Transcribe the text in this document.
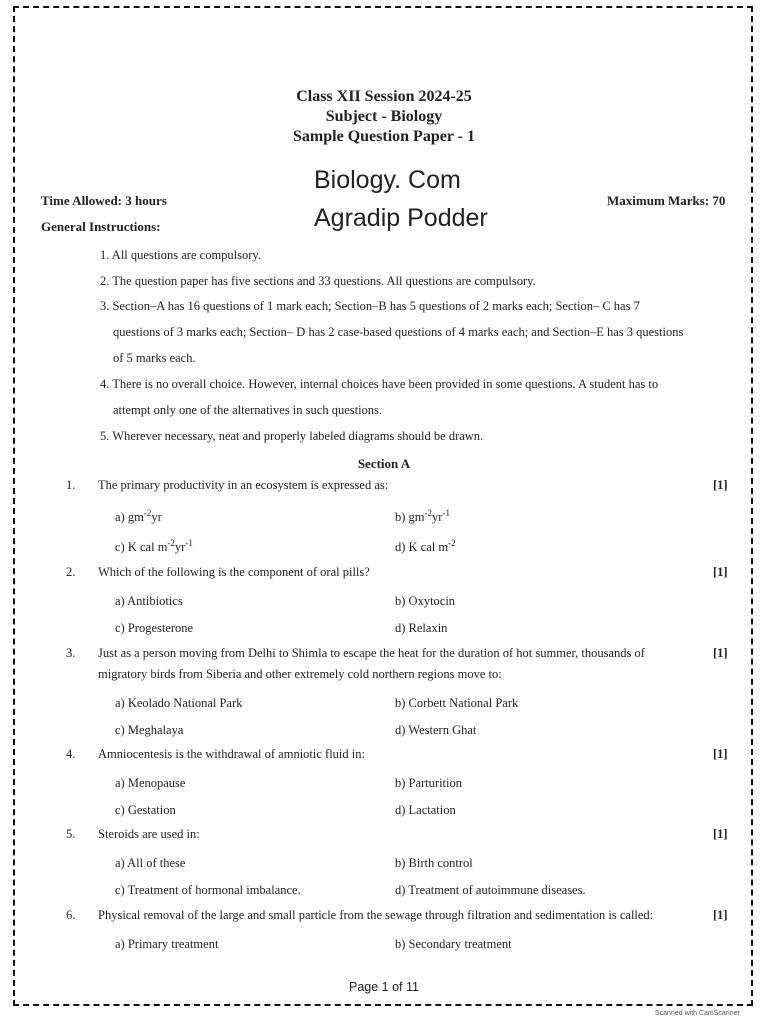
Class XII Session 2024-25
Subject - Biology
Sample Question Paper - 1
Biology. Com
Agradip Podder
Time Allowed: 3 hours	Maximum Marks: 70
General Instructions:
1. All questions are compulsory.
2. The question paper has five sections and 33 questions. All questions are compulsory.
3. Section–A has 16 questions of 1 mark each; Section–B has 5 questions of 2 marks each; Section– C has 7
questions of 3 marks each; Section– D has 2 case-based questions of 4 marks each; and Section–E has 3 questions
of 5 marks each.
4. There is no overall choice. However, internal choices have been provided in some questions. A student has to
attempt only one of the alternatives in such questions.
5. Wherever necessary, neat and properly labeled diagrams should be drawn.
Section A
1. The primary productivity in an ecosystem is expressed as:	[1]
a) $gm^{-2}yr$	b) $gm^{-2}yr^{-1}$
c) K cal $m^{-2}yr^{-1}$	d) K cal $m^{-2}$
2. Which of the following is the component of oral pills?	[1]
a) Antibiotics	b) Oxytocin
c) Progesterone	d) Relaxin
3. Just as a person moving from Delhi to Shimla to escape the heat for the duration of hot summer, thousands of
migratory birds from Siberia and other extremely cold northern regions move to:
[1]
a) Keolado National Park	b) Corbett National Park
c) Meghalaya	d) Western Ghat
4. Amniocentesis is the withdrawal of amniotic fluid in:	[1]
a) Menopause	b) Parturition
c) Gestation	d) Lactation
5. Steroids are used in:	[1]
a) All of these	b) Birth control
c) Treatment of hormonal imbalance.	d) Treatment of autoimmune diseases.
6. Physical removal of the large and small particle from the sewage through filtration and sedimentation is called:	[1]
a) Primary treatment	b) Secondary treatment
Page 1 of 11
Scanned with CamScanner
